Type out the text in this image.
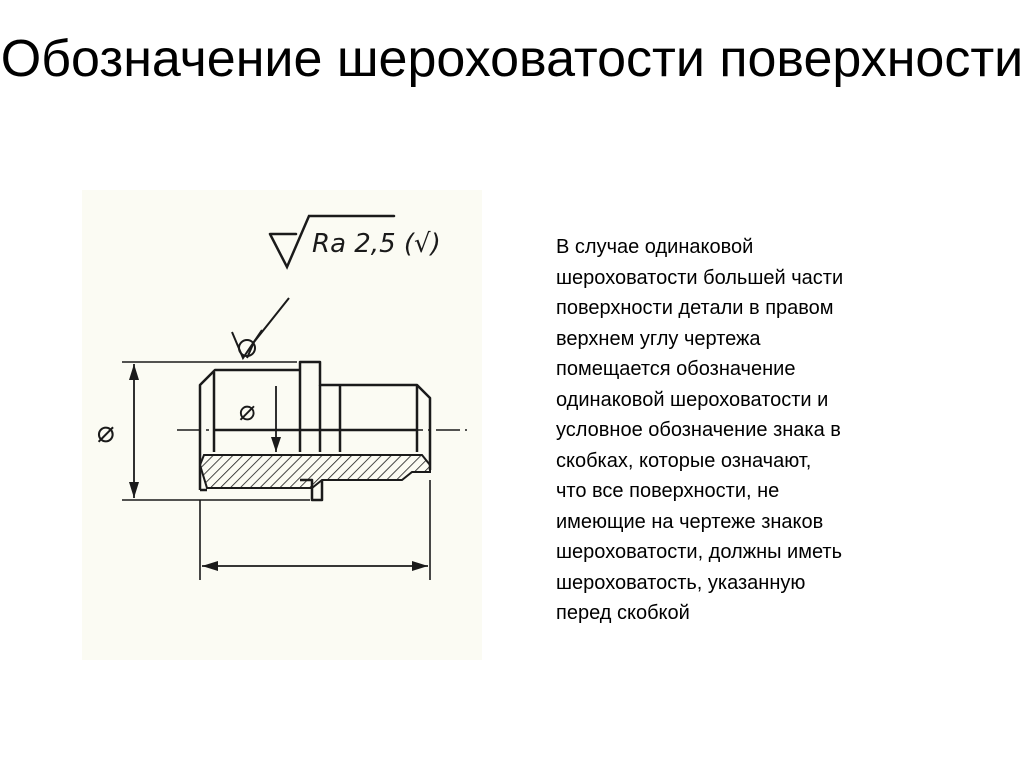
Обозначение шероховатости поверхности
Ra 2,5 (√)
⌀
⌀
В случае одинаковой
шероховатости большей части
поверхности детали в правом
верхнем углу чертежа
помещается обозначение
одинаковой шероховатости и
условное обозначение знака в
скобках, которые означают,
что все поверхности, не
имеющие на чертеже знаков
шероховатости, должны иметь
шероховатость, указанную
перед скобкой
